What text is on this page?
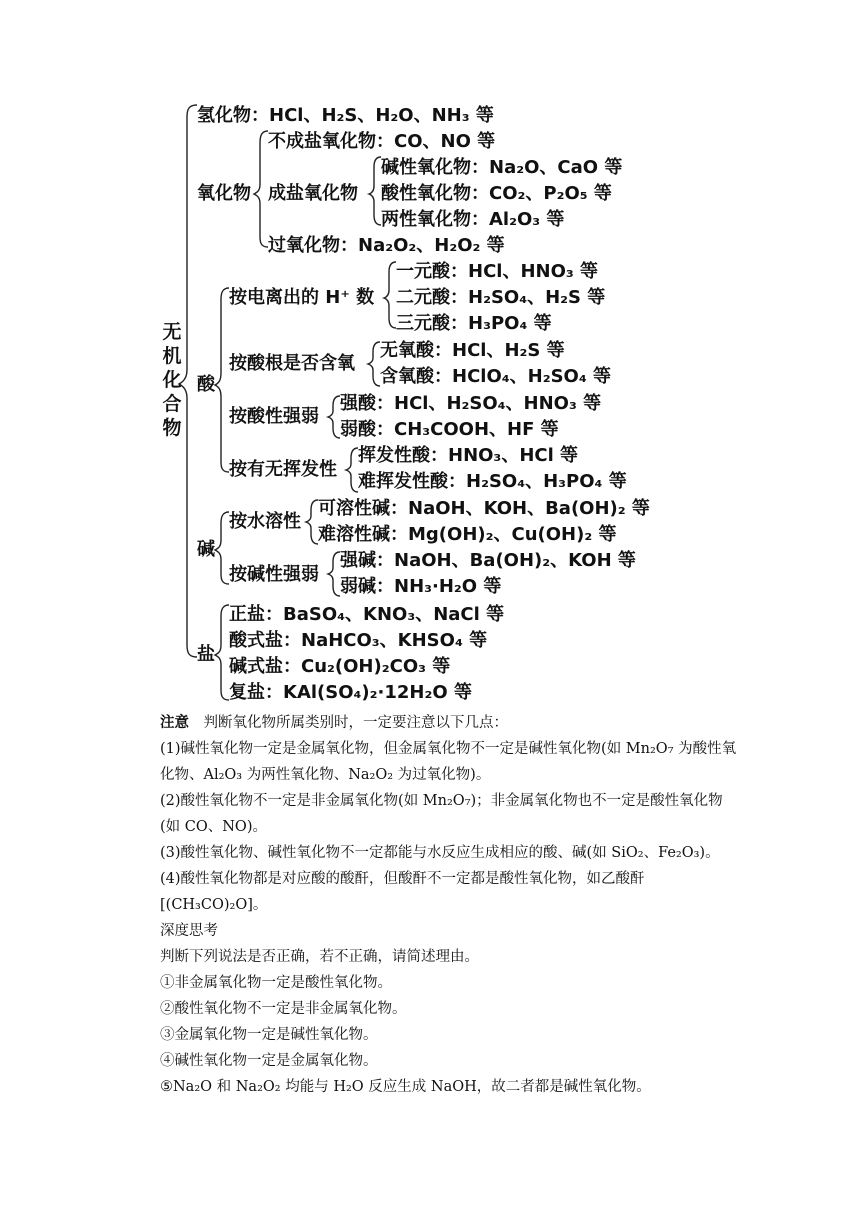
无机化合物
氢化物：HCl、H₂S、H₂O、NH₃ 等
氧化物
不成盐氧化物：CO、NO 等
成盐氧化物
碱性氧化物：Na₂O、CaO 等
酸性氧化物：CO₂、P₂O₅ 等
两性氧化物：Al₂O₃ 等
过氧化物：Na₂O₂、H₂O₂ 等
酸
按电离出的 H⁺ 数
一元酸：HCl、HNO₃ 等
二元酸：H₂SO₄、H₂S 等
三元酸：H₃PO₄ 等
按酸根是否含氧
无氧酸：HCl、H₂S 等
含氧酸：HClO₄、H₂SO₄ 等
按酸性强弱
强酸：HCl、H₂SO₄、HNO₃ 等
弱酸：CH₃COOH、HF 等
按有无挥发性
挥发性酸：HNO₃、HCl 等
难挥发性酸：H₂SO₄、H₃PO₄ 等
碱
按水溶性
可溶性碱：NaOH、KOH、Ba(OH)₂ 等
难溶性碱：Mg(OH)₂、Cu(OH)₂ 等
按碱性强弱
强碱：NaOH、Ba(OH)₂、KOH 等
弱碱：NH₃·H₂O 等
盐
正盐：BaSO₄、KNO₃、NaCl 等
酸式盐：NaHCO₃、KHSO₄ 等
碱式盐：Cu₂(OH)₂CO₃ 等
复盐：KAl(SO₄)₂·12H₂O 等

注意　判断氧化物所属类别时，一定要注意以下几点：

(1)碱性氧化物一定是金属氧化物，但金属氧化物不一定是碱性氧化物(如 Mn₂O₇ 为酸性氧化物、Al₂O₃ 为两性氧化物、Na₂O₂ 为过氧化物)。

(2)酸性氧化物不一定是非金属氧化物(如 Mn₂O₇)；非金属氧化物也不一定是酸性氧化物(如 CO、NO)。

(3)酸性氧化物、碱性氧化物不一定都能与水反应生成相应的酸、碱(如 SiO₂、Fe₂O₃)。

(4)酸性氧化物都是对应酸的酸酐，但酸酐不一定都是酸性氧化物，如乙酸酐[(CH₃CO)₂O]。

深度思考

判断下列说法是否正确，若不正确，请简述理由。

①非金属氧化物一定是酸性氧化物。

②酸性氧化物不一定是非金属氧化物。

③金属氧化物一定是碱性氧化物。

④碱性氧化物一定是金属氧化物。

⑤Na₂O 和 Na₂O₂ 均能与 H₂O 反应生成 NaOH，故二者都是碱性氧化物。
